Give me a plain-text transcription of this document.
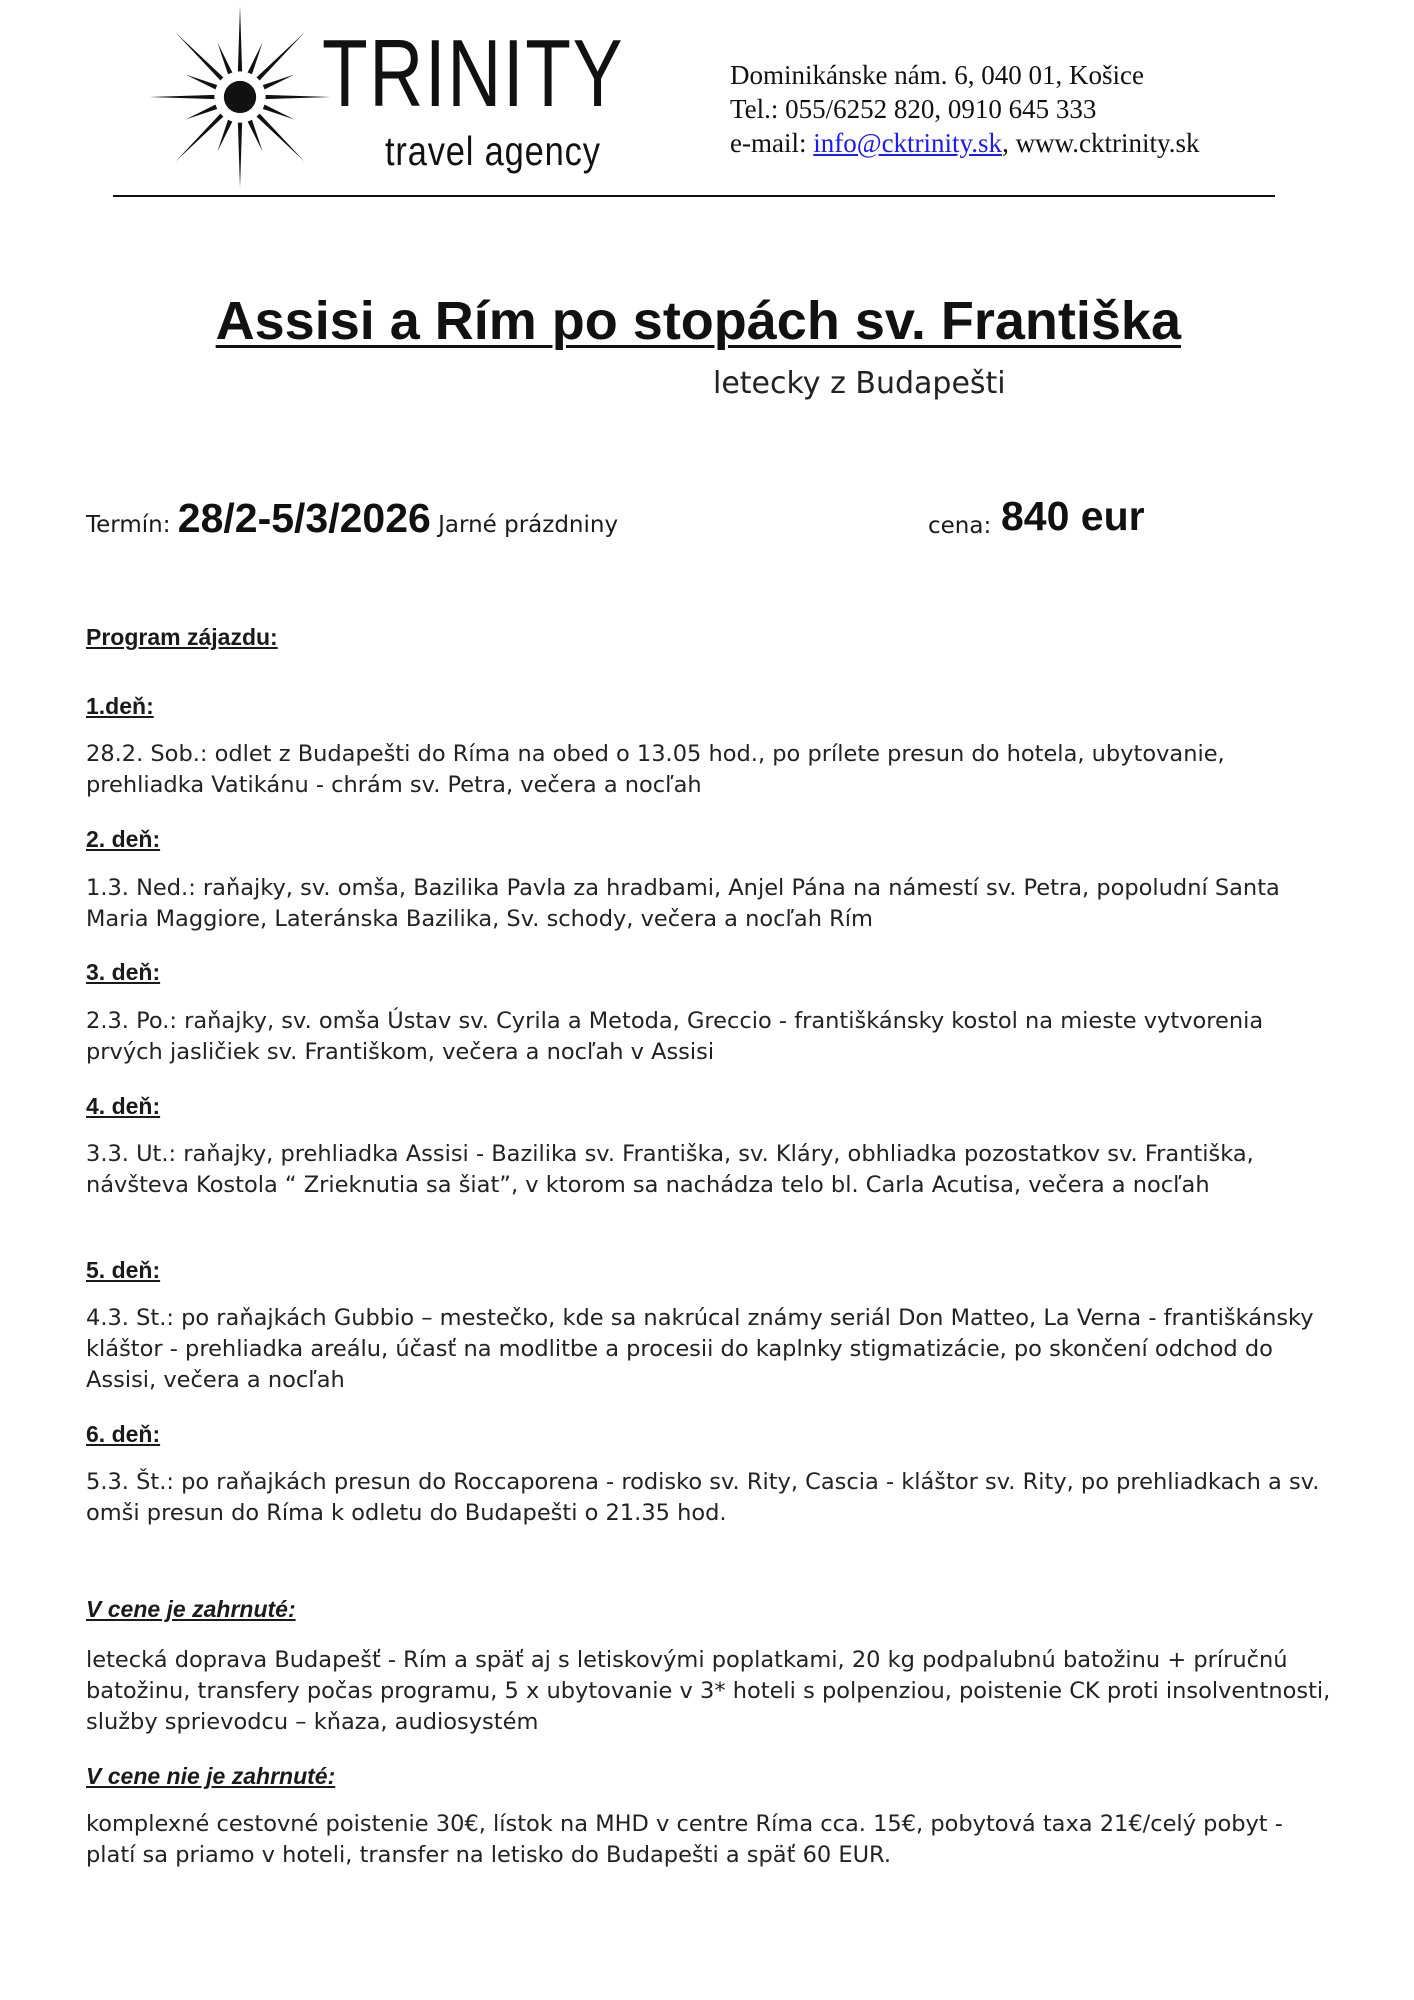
TRINITY
travel agency
Dominikánske nám. 6, 040 01, Košice
Tel.: 055/6252 820, 0910 645 333
e-mail: info@cktrinity.sk, www.cktrinity.sk
Assisi a Rím po stopách sv. Františka
letecky z Budapešti
Termín: 28/2-5/3/2026 Jarné prázdniny	cena: 840 eur
Program zájazdu:
1.deň:
28.2. Sob.: odlet z Budapešti do Ríma na obed o 13.05 hod., po prílete presun do hotela, ubytovanie, prehliadka Vatikánu - chrám sv. Petra, večera a nocľah
2. deň:
1.3. Ned.: raňajky, sv. omša, Bazilika Pavla za hradbami, Anjel Pána na námestí sv. Petra, popoludní Santa Maria Maggiore, Lateránska Bazilika, Sv. schody, večera a nocľah Rím
3. deň:
2.3. Po.: raňajky, sv. omša Ústav sv. Cyrila a Metoda, Greccio - františkánsky kostol na mieste vytvorenia prvých jasličiek sv. Františkom, večera a nocľah v Assisi
4. deň:
3.3. Ut.: raňajky, prehliadka Assisi - Bazilika sv. Františka, sv. Kláry, obhliadka pozostatkov sv. Františka, návšteva Kostola “ Zrieknutia sa šiat”, v ktorom sa nachádza telo bl. Carla Acutisa, večera a nocľah
5. deň:
4.3. St.: po raňajkách Gubbio – mestečko, kde sa nakrúcal známy seriál Don Matteo, La Verna - františkánsky kláštor - prehliadka areálu, účasť na modlitbe a procesii do kaplnky stigmatizácie, po skončení odchod do Assisi, večera a nocľah
6. deň:
5.3. Št.: po raňajkách presun do Roccaporena - rodisko sv. Rity, Cascia - kláštor sv. Rity, po prehliadkach a sv. omši presun do Ríma k odletu do Budapešti o 21.35 hod.
V cene je zahrnuté:
letecká doprava Budapešť - Rím a späť aj s letiskovými poplatkami, 20 kg podpalubnú batožinu + príručnú batožinu, transfery počas programu, 5 x ubytovanie v 3* hoteli s polpenziou, poistenie CK proti insolventnosti, služby sprievodcu – kňaza, audiosystém
V cene nie je zahrnuté:
komplexné cestovné poistenie 30€, lístok na MHD v centre Ríma cca. 15€, pobytová taxa 21€/celý pobyt - platí sa priamo v hoteli, transfer na letisko do Budapešti a späť 60 EUR.
